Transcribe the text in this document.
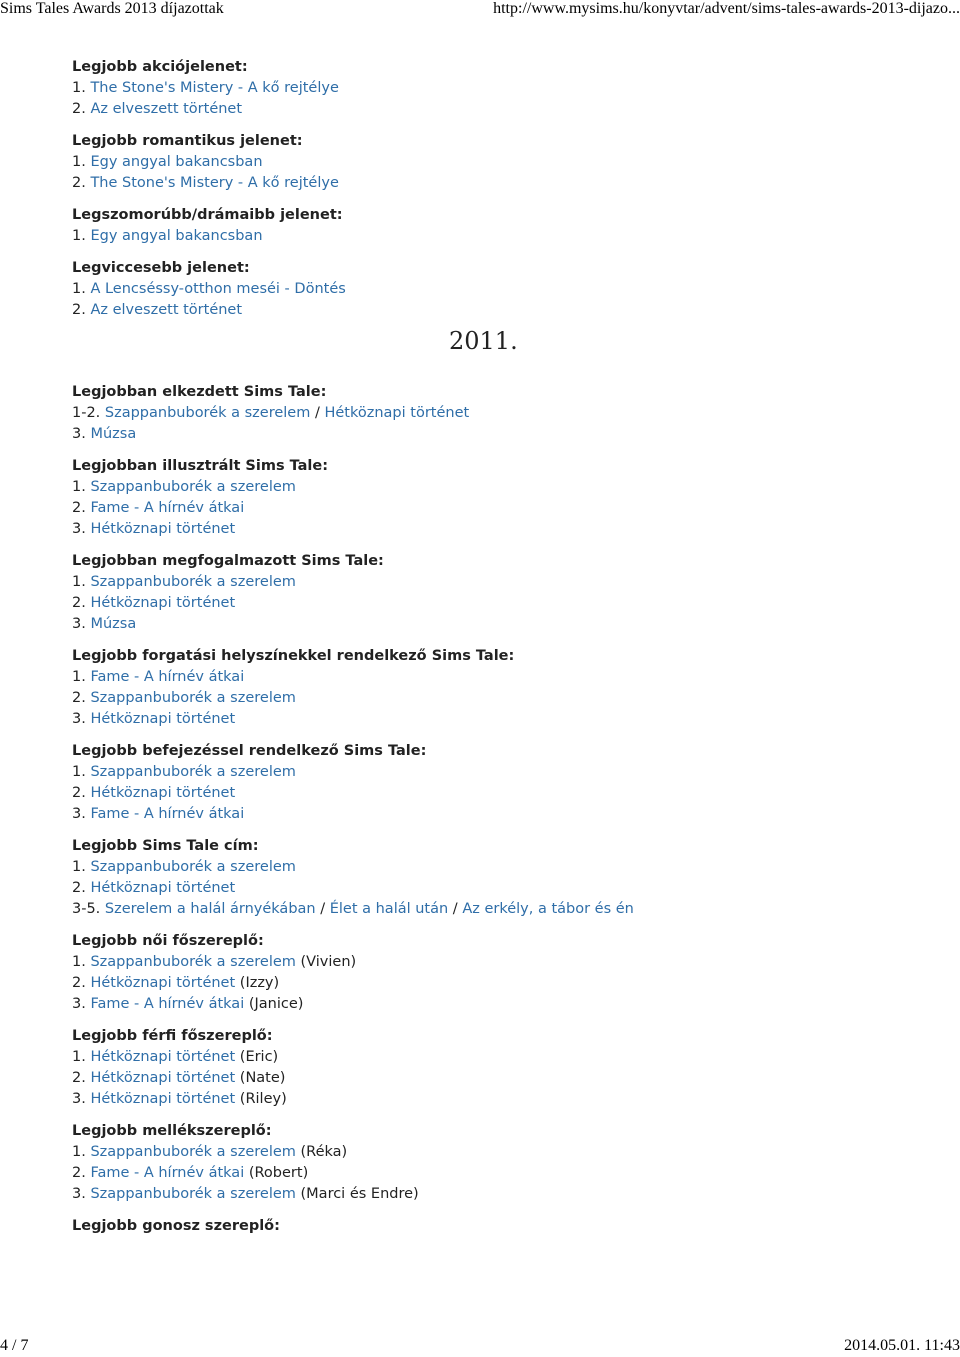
Sims Tales Awards 2013 díjazottak	http://www.mysims.hu/konyvtar/advent/sims-tales-awards-2013-dijazo...
Legjobb akciójelenet:
1. The Stone's Mistery - A kő rejtélye
2. Az elveszett történet
Legjobb romantikus jelenet:
1. Egy angyal bakancsban
2. The Stone's Mistery - A kő rejtélye
Legszomorúbb/drámaibb jelenet:
1. Egy angyal bakancsban
Legviccesebb jelenet:
1. A Lencséssy-otthon meséi - Döntés
2. Az elveszett történet
2011.
Legjobban elkezdett Sims Tale:
1-2. Szappanbuborék a szerelem / Hétköznapi történet
3. Múzsa
Legjobban illusztrált Sims Tale:
1. Szappanbuborék a szerelem
2. Fame - A hírnév átkai
3. Hétköznapi történet
Legjobban megfogalmazott Sims Tale:
1. Szappanbuborék a szerelem
2. Hétköznapi történet
3. Múzsa
Legjobb forgatási helyszínekkel rendelkező Sims Tale:
1. Fame - A hírnév átkai
2. Szappanbuborék a szerelem
3. Hétköznapi történet
Legjobb befejezéssel rendelkező Sims Tale:
1. Szappanbuborék a szerelem
2. Hétköznapi történet
3. Fame - A hírnév átkai
Legjobb Sims Tale cím:
1. Szappanbuborék a szerelem
2. Hétköznapi történet
3-5. Szerelem a halál árnyékában / Élet a halál után / Az erkély, a tábor és én
Legjobb női főszereplő:
1. Szappanbuborék a szerelem (Vivien)
2. Hétköznapi történet (Izzy)
3. Fame - A hírnév átkai (Janice)
Legjobb férfi főszereplő:
1. Hétköznapi történet (Eric)
2. Hétköznapi történet (Nate)
3. Hétköznapi történet (Riley)
Legjobb mellékszereplő:
1. Szappanbuborék a szerelem (Réka)
2. Fame - A hírnév átkai (Robert)
3. Szappanbuborék a szerelem (Marci és Endre)
Legjobb gonosz szereplő:
4 / 7	2014.05.01. 11:43
